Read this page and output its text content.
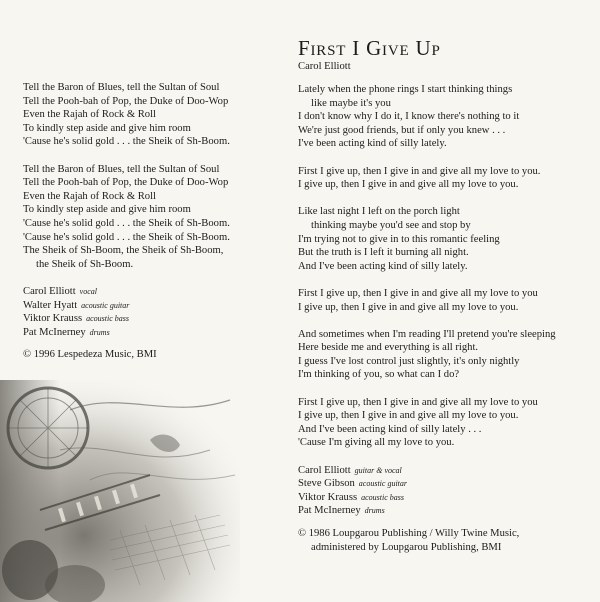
Tell the Baron of Blues, tell the Sultan of Soul
Tell the Pooh-bah of Pop, the Duke of Doo-Wop
Even the Rajah of Rock & Roll
To kindly step aside and give him room
'Cause he's solid gold . . . the Sheik of Sh-Boom.
Tell the Baron of Blues, tell the Sultan of Soul
Tell the Pooh-bah of Pop, the Duke of Doo-Wop
Even the Rajah of Rock & Roll
To kindly step aside and give him room
'Cause he's solid gold . . . the Sheik of Sh-Boom.
'Cause he's solid gold . . . the Sheik of Sh-Boom.
The Sheik of Sh-Boom, the Sheik of Sh-Boom,
the Sheik of Sh-Boom.
Carol Elliott vocal
Walter Hyatt acoustic guitar
Viktor Krauss acoustic bass
Pat McInerney drums
© 1996 Lespedeza Music, BMI
First I Give Up
Carol Elliott
Lately when the phone rings I start thinking things
like maybe it's you
I don't know why I do it, I know there's nothing to it
We're just good friends, but if only you knew . . .
I've been acting kind of silly lately.
First I give up, then I give in and give all my love to you.
I give up, then I give in and give all my love to you.
Like last night I left on the porch light
thinking maybe you'd see and stop by
I'm trying not to give in to this romantic feeling
But the truth is I left it burning all night.
And I've been acting kind of silly lately.
First I give up, then I give in and give all my love to you
I give up, then I give in and give all my love to you.
And sometimes when I'm reading I'll pretend you're sleeping
Here beside me and everything is all right.
I guess I've lost control just slightly, it's only nightly
I'm thinking of you, so what can I do?
First I give up, then I give in and give all my love to you
I give up, then I give in and give all my love to you.
And I've been acting kind of silly lately . . .
'Cause I'm giving all my love to you.
Carol Elliott guitar & vocal
Steve Gibson acoustic guitar
Viktor Krauss acoustic bass
Pat McInerney drums
© 1986 Loupgarou Publishing / Willy Twine Music,
administered by Loupgarou Publishing, BMI
